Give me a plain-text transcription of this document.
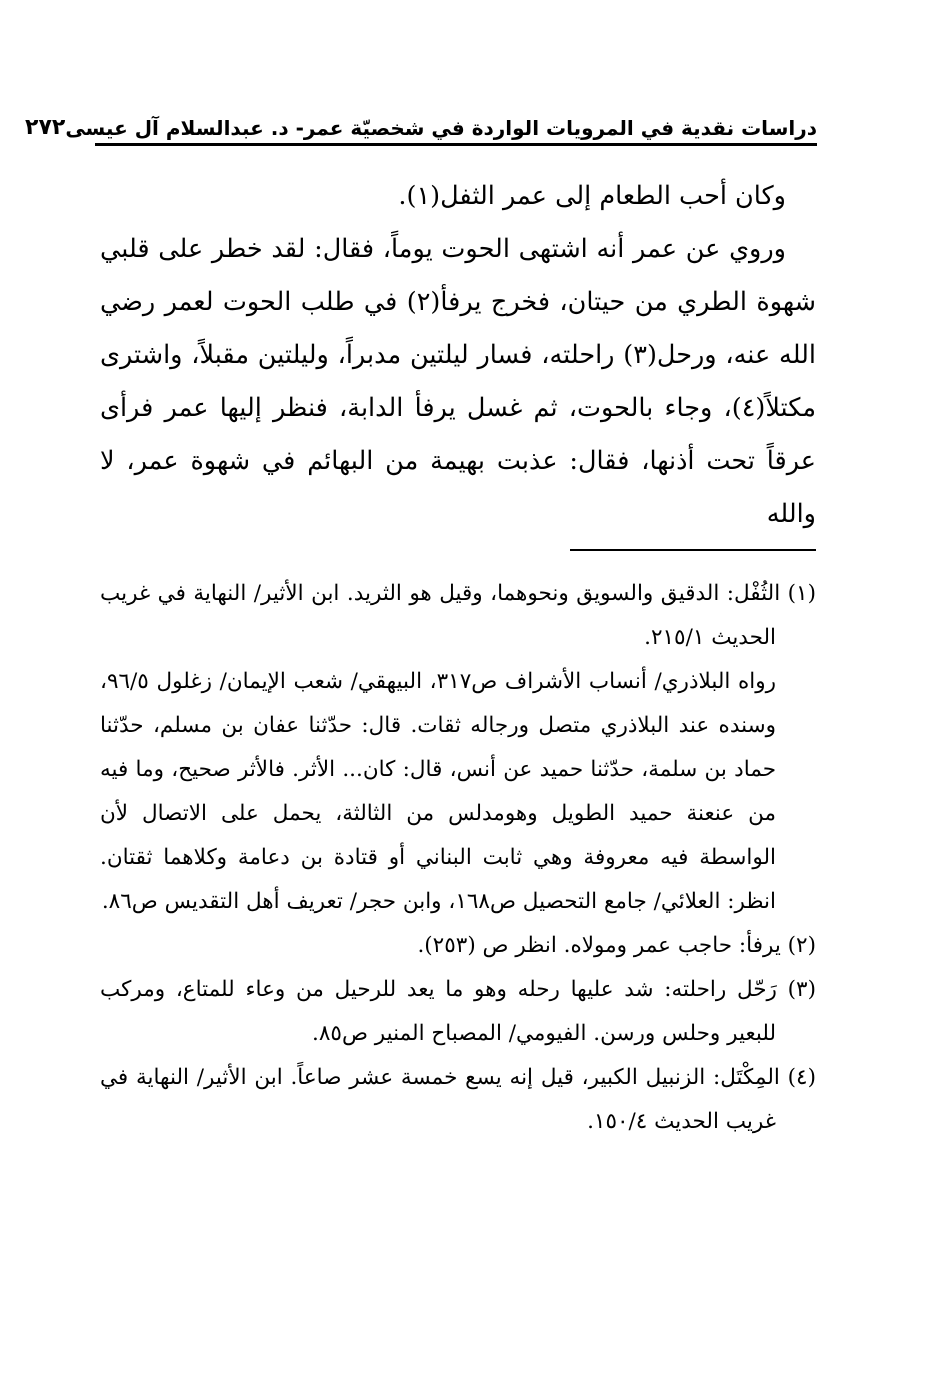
دراسات نقدية في المرويات الواردة في شخصيّة عمر- د. عبدالسلام آل عيسى
٢٧٢

وكان أحب الطعام إلى عمر الثفل(١).

وروي عن عمر أنه اشتهى الحوت يوماً، فقال: لقد خطر على قلبي شهوة الطري من حيتان، فخرج يرفأ(٢) في طلب الحوت لعمر رضي الله عنه، ورحل(٣) راحلته، فسار ليلتين مدبراً، وليلتين مقبلاً، واشترى مكتلاً(٤)، وجاء بالحوت، ثم غسل يرفأ الدابة، فنظر إليها عمر فرأى عرقاً تحت أذنها، فقال: عذبت بهيمة من البهائم في شهوة عمر، لا والله

(١) الثُفْل: الدقيق والسويق ونحوهما، وقيل هو الثريد. ابن الأثير/ النهاية في غريب الحديث ٢١٥/١.

رواه البلاذري/ أنساب الأشراف ص٣١٧، البيهقي/ شعب الإيمان/ زغلول ٩٦/٥، وسنده عند البلاذري متصل ورجاله ثقات. قال: حدّثنا عفان بن مسلم، حدّثنا حماد بن سلمة، حدّثنا حميد عن أنس، قال: كان... الأثر. فالأثر صحيح، وما فيه من عنعنة حميد الطويل وهومدلس من الثالثة، يحمل على الاتصال لأن الواسطة فيه معروفة وهي ثابت البناني أو قتادة بن دعامة وكلاهما ثقتان. انظر: العلائي/ جامع التحصيل ص١٦٨، وابن حجر/ تعريف أهل التقديس ص٨٦.

(٢) يرفأ: حاجب عمر ومولاه. انظر ص (٢٥٣).

(٣) رَحّل راحلته: شد عليها رحله وهو ما يعد للرحيل من وعاء للمتاع، ومركب للبعير وحلس ورسن. الفيومي/ المصباح المنير ص٨٥.

(٤) المِكْتَل: الزنبيل الكبير، قيل إنه يسع خمسة عشر صاعاً. ابن الأثير/ النهاية في غريب الحديث ١٥٠/٤.
